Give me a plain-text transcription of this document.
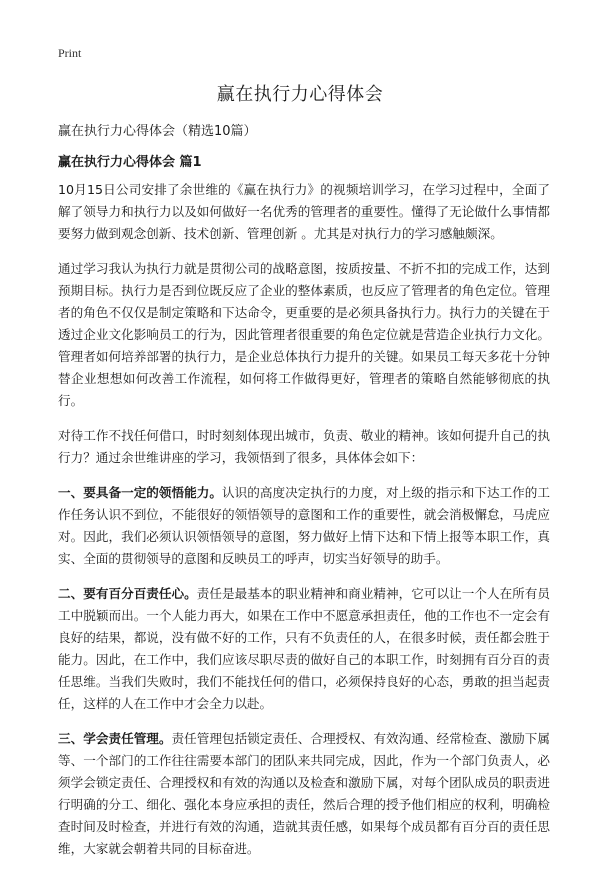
Print
赢在执行力心得体会

赢在执行力心得体会（精选10篇）

赢在执行力心得体会 篇1

10月15日公司安排了余世维的《赢在执行力》的视频培训学习，在学习过程中，全面了解了领导力和执行力以及如何做好一名优秀的管理者的重要性。懂得了无论做什么事情都要努力做到观念创新、技术创新、管理创新 。尤其是对执行力的学习感触颇深。

通过学习我认为执行力就是贯彻公司的战略意图，按质按量、不折不扣的完成工作，达到预期目标。执行力是否到位既反应了企业的整体素质，也反应了管理者的角色定位。管理者的角色不仅仅是制定策略和下达命令，更重要的是必须具备执行力。执行力的关键在于透过企业文化影响员工的行为，因此管理者很重要的角色定位就是营造企业执行力文化。管理者如何培养部署的执行力，是企业总体执行力提升的关键。如果员工每天多花十分钟替企业想想如何改善工作流程，如何将工作做得更好，管理者的策略自然能够彻底的执行。

对待工作不找任何借口，时时刻刻体现出城市，负责、敬业的精神。该如何提升自己的执行力？通过余世维讲座的学习，我领悟到了很多，具体体会如下：

一、要具备一定的领悟能力。认识的高度决定执行的力度，对上级的指示和下达工作的工作任务认识不到位，不能很好的领悟领导的意图和工作的重要性，就会消极懈怠，马虎应对。因此，我们必须认识领悟领导的意图，努力做好上情下达和下情上报等本职工作，真实、全面的贯彻领导的意图和反映员工的呼声，切实当好领导的助手。

二、要有百分百责任心。责任是最基本的职业精神和商业精神，它可以让一个人在所有员工中脱颖而出。一个人能力再大，如果在工作中不愿意承担责任，他的工作也不一定会有良好的结果，都说，没有做不好的工作，只有不负责任的人，在很多时候，责任都会胜于能力。因此，在工作中，我们应该尽职尽责的做好自己的本职工作，时刻拥有百分百的责任思维。当我们失败时，我们不能找任何的借口，必须保持良好的心态，勇敢的担当起责任，这样的人在工作中才会全力以赴。

三、学会责任管理。责任管理包括锁定责任、合理授权、有效沟通、经常检查、激励下属等、一个部门的工作往往需要本部门的团队来共同完成，因此，作为一个部门负责人，必须学会锁定责任、合理授权和有效的沟通以及检查和激励下属，对每个团队成员的职责进行明确的分工、细化、强化本身应承担的责任，然后合理的授予他们相应的权利，明确检查时间及时检查，并进行有效的沟通，造就其责任感，如果每个成员都有百分百的责任思维，大家就会朝着共同的目标奋进。
